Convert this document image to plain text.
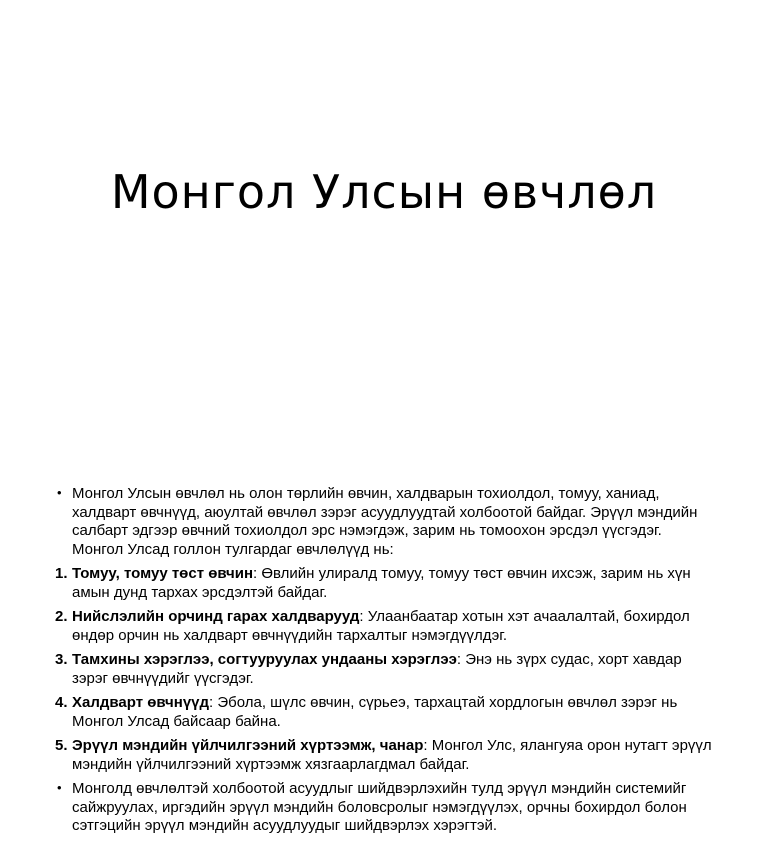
Монгол Улсын өвчлөл
• Монгол Улсын өвчлөл нь олон төрлийн өвчин, халдварын тохиолдол, томуу, ханиад, халдварт өвчнүүд, аюултай өвчлөл зэрэг асуудлуудтай холбоотой байдаг. Эрүүл мэндийн салбарт эдгээр өвчний тохиолдол эрс нэмэгдэж, зарим нь томоохон эрсдэл үүсгэдэг. Монгол Улсад голлон тулгардаг өвчлөлүүд нь:
1. Томуу, томуу төст өвчин: Өвлийн улиралд томуу, томуу төст өвчин ихсэж, зарим нь хүн амын дунд тархах эрсдэлтэй байдаг.
2. Нийслэлийн орчинд гарах халдварууд: Улаанбаатар хотын хэт ачаалалтай, бохирдол өндөр орчин нь халдварт өвчнүүдийн тархалтыг нэмэгдүүлдэг.
3. Тамхины хэрэглээ, согтууруулах ундааны хэрэглээ: Энэ нь зүрх судас, хорт хавдар зэрэг өвчнүүдийг үүсгэдэг.
4. Халдварт өвчнүүд: Эбола, шүлс өвчин, сүрьеэ, тархацтай хордлогын өвчлөл зэрэг нь Монгол Улсад байсаар байна.
5. Эрүүл мэндийн үйлчилгээний хүртээмж, чанар: Монгол Улс, ялангуяа орон нутагт эрүүл мэндийн үйлчилгээний хүртээмж хязгаарлагдмал байдаг.
• Монголд өвчлөлтэй холбоотой асуудлыг шийдвэрлэхийн тулд эрүүл мэндийн системийг сайжруулах, иргэдийн эрүүл мэндийн боловсролыг нэмэгдүүлэх, орчны бохирдол болон сэтгэцийн эрүүл мэндийн асуудлуудыг шийдвэрлэх хэрэгтэй.
